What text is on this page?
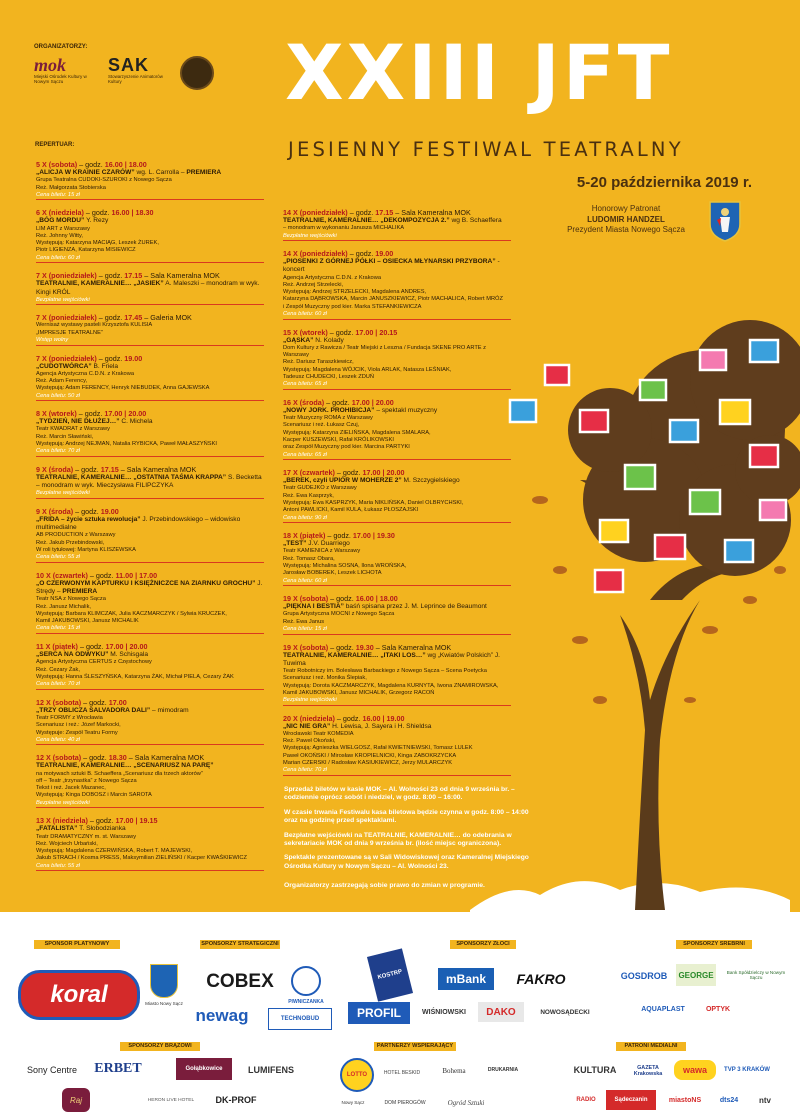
ORGANIZATORZY:
mok
Miejski Ośrodek Kultury w Nowym Sączu
SAK
Stowarzyszenie Animatorów Kultury	XXIII JFT
JESIENNY FESTIWAL TEATRALNY
5-20 października 2019 r.
Honorowy Patronat
LUDOMIR HANDZEL
Prezydent Miasta Nowego Sącza
REPERTUAR:
5 X (sobota) – godz. 16.00 | 18.00
„ALICJA W KRAINIE CZARÓW” wg. L. Carrolla – PREMIERA
Grupa Teatralna CUDOKI-SZUROKI z Nowego Sącza
Reż. Małgorzata Stobierska
Cena biletu: 15 zł
6 X (niedziela) – godz. 16.00 | 18.30
„BÓG MORDU” Y. Rezy
LIM ART z Warszawy
Reż. Johnny Witty,
Występują: Katarzyna MACIĄG, Leszek ŻUREK,
Piotr LIGIENZA, Katarzyna MISIEWICZ
Cena biletu: 60 zł
7 X (poniedziałek) – godz. 17.15 – Sala Kameralna MOK
TEATRALNIE, KAMERALNIE… „JASIEK” A. Maleszki – monodram w wyk. Kingi KRÓL
Bezpłatne wejściówki
7 X (poniedziałek) – godz. 17.45 – Galeria MOK
Wernisaż wystawy pasteli Krzysztofa KULISIA
„IMPRESJE TEATRALNE”
Wstęp wolny
7 X (poniedziałek) – godz. 19.00
„CUDOTWÓRCA” B. Friela
Agencja Artystyczna C.D.N. z Krakowa
Reż. Adam Ferency,
Występują: Adam FERENCY, Henryk NIEBUDEK, Anna GAJEWSKA
Cena biletu: 50 zł
8 X (wtorek) – godz. 17.00 | 20.00
„TYDZIEŃ, NIE DŁUŻEJ…” C. Michela
Teatr KWADRAT z Warszawy
Reż. Marcin Sławiński,
Występują: Andrzej NEJMAN, Natalia RYBICKA, Paweł MAŁASZYŃSKI
Cena biletu: 70 zł
9 X (środa) – godz. 17.15 – Sala Kameralna MOK
TEATRALNIE, KAMERALNIE… „OSTATNIA TAŚMA KRAPPA” S. Becketta – monodram w wyk. Mieczysława FILIPCZYKA
Bezpłatne wejściówki
9 X (środa) – godz. 19.00
„FRIDA – życie sztuka rewolucja” J. Przebindowskiego – widowisko multimedialne
AB PRODUCTION z Warszawy
Reż. Jakub Przebindowski,
W roli tytułowej: Martyna KLISZEWSKA
Cena biletu: 55 zł
10 X (czwartek) – godz. 11.00 | 17.00
„O CZERWONYM KAPTURKU I KSIĘŻNICZCE NA ZIARNKU GROCHU” J. Strędy – PREMIERA
Teatr NSA z Nowego Sącza
Reż. Janusz Michalik,
Występują: Barbara KLIMCZAK, Julia KACZMARCZYK / Sylwia KRUCZEK,
Kamil JAKUBOWSKI, Janusz MICHALIK
Cena biletu: 15 zł
11 X (piątek) – godz. 17.00 | 20.00
„SERCA NA ODWYKU” M. Schisgala
Agencja Artystyczna CERTUS z Częstochowy
Reż. Cezary Żak,
Występują: Hanna ŚLESZYŃSKA, Katarzyna ŻAK, Michał PIELA, Cezary ŻAK
Cena biletu: 70 zł
12 X (sobota) – godz. 17.00
„TRZY OBLICZA SALVADORA DALI” – mimodram
Teatr FORMY z Wrocławia
Scenariusz i reż.: Józef Markocki,
Występuje: Zespół Teatru Formy
Cena biletu: 40 zł
12 X (sobota) – godz. 18.30 – Sala Kameralna MOK
TEATRALNIE, KAMERALNIE… „SCENARIUSZ NA PARĘ”
na motywach sztuki B. Schaeffera „Scenariusz dla trzech aktorów”
off – Teatr „trzynastka” z Nowego Sącza
Tekst i reż. Jacek Mazanec,
Występują: Kinga DOBOSZ i Marcin SAROTA
Bezpłatne wejściówki
13 X (niedziela) – godz. 17.00 | 19.15
„FATALISTA” T. Słobodzianka
Teatr DRAMATYCZNY m. st. Warszawy
Reż. Wojciech Urbański,
Występują: Magdalena CZERWIŃSKA, Robert T. MAJEWSKI,
Jakub STRACH / Kosma PRESS, Maksymilian ZIELIŃSKI / Kacper KWAŚKIEWICZ
Cena biletu: 55 zł
14 X (poniedziałek) – godz. 17.15 – Sala Kameralna MOK
TEATRALNIE, KAMERALNIE… „DEKOMPOZYCJA 2.” wg B. Schaeffera
– monodram w wykonaniu Janusza MICHALIKA
Bezpłatne wejściówki
14 X (poniedziałek) – godz. 19.00
„PIOSENKI Z GÓRNEJ PÓŁKI – OSIECKA MŁYNARSKI PRZYBORA” - koncert
Agencja Artystyczna C.D.N. z Krakowa
Reż. Andrzej Strzelecki,
Występują: Andrzej STRZELECKI, Magdalena ANDRES,
Katarzyna DĄBROWSKA, Marcin JANUSZKIEWICZ, Piotr MACHALICA, Robert MRÓZ
i Zespół Muzyczny pod kier. Marka STEFANKIEWICZA
Cena biletu: 60 zł
15 X (wtorek) – godz. 17.00 | 20.15
„GĄSKA” N. Kolady
Dom Kultury z Rawicza / Teatr Miejski z Leszna / Fundacja SKENE PRO ARTE z Warszawy
Reż. Dariusz Taraszkiewicz,
Występują: Magdalena WÓJCIK, Viola ARLAK, Natasza LEŚNIAK,
Tadeusz CHUDECKI, Leszek ZDUŃ
Cena biletu: 65 zł
16 X (środa) – godz. 17.00 | 20.00
„NOWY JORK. PROHIBICJA” – spektakl muzyczny
Teatr Muzyczny ROMA z Warszawy
Scenariusz i reż. Łukasz Czuj,
Występują: Katarzyna ZIELIŃSKA, Magdalena SMALARA,
Kacper KUSZEWSKI, Rafał KRÓLIKOWSKI
oraz Zespół Muzyczny pod kier. Marcina PARTYKI
Cena biletu: 65 zł
17 X (czwartek) – godz. 17.00 | 20.00
„BEREK, czyli UPIÓR W MOHERZE 2” M. Szczygielskiego
Teatr GUDEJKO z Warszawy
Reż. Ewa Kasprzyk,
Występują: Ewa KASPRZYK, Maria NIKLIŃSKA, Daniel OLBRYCHSKI,
Antoni PAWLICKI, Kamil KULA, Łukasz PŁOSZAJSKI
Cena biletu: 90 zł
18 X (piątek) – godz. 17.00 | 19.30
„TEST” J.V. Duarriego
Teatr KAMIENICA z Warszawy
Reż. Tomasz Obara,
Występują: Michalina SOSNA, Ilona WROŃSKA,
Jarosław BOBEREK, Leszek LICHOTA
Cena biletu: 60 zł
19 X (sobota) – godz. 16.00 | 18.00
„PIĘKNA I BESTIA” baśń spisana przez J. M. Leprince de Beaumont
Grupa Artystyczna MOCNI z Nowego Sącza
Reż. Ewa Janus
Cena biletu: 15 zł
19 X (sobota) – godz. 19.30 – Sala Kameralna MOK
TEATRALNIE, KAMERALNIE… „ITAKI LOS…” wg „Kwiatów Polskich” J. Tuwima
Teatr Robotniczy im. Bolesława Barbackiego z Nowego Sącza – Scena Poetycka
Scenariusz i reż. Monika Ślepiak,
Występują: Dorota KACZMARCZYK, Magdalena KURNYTA, Iwona ZNAMIROWSKA,
Kamil JAKUBOWSKI, Janusz MICHALIK, Grzegorz RACOŃ
Bezpłatne wejściówki
20 X (niedziela) – godz. 16.00 | 19.00
„NIC NIE GRA” H. Lewisa, J. Sayera i H. Shieldsa
Wrocławski Teatr KOMEDIA
Reż. Paweł Okoński,
Występują: Agnieszka WIELGOSZ, Rafał KWIETNIEWSKI, Tomasz LULEK
Paweł OKOŃSKI / Mirosław KROPIELNICKI, Kinga ZABOKRZYCKA
Marian CZERSKI / Radosław KASIUKIEWICZ, Jerzy MULARCZYK
Cena biletu: 70 zł

Sprzedaż biletów w kasie MOK – Al. Wolności 23 od dnia 9 września br. –codziennie oprócz sobót i niedziel, w godz. 8:00 – 16:00.

W czasie trwania Festiwalu kasa biletowa będzie czynna w godz. 8:00 – 14:00 oraz na godzinę przed spektaklami.

Bezpłatne wejściówki na TEATRALNIE, KAMERALNIE… do odebrania w sekretariacie MOK od dnia 9 września br. (ilość miejsc ograniczona).

Spektakle prezentowane są w Sali Widowiskowej oraz Kameralnej Miejskiego Ośrodka Kultury w Nowym Sączu – Al. Wolności 23.

Organizatorzy zastrzegają sobie prawo do zmian w programie.
SPONSOR PLATYNOWY	SPONSORZY STRATEGICZNI	SPONSORZY ZŁOCI	SPONSORZY SREBRNI
SPONSORZY BRĄZOWI	PARTNERZY WSPIERAJĄCY	PATRONI MEDIALNI
koral	Miasto Nowy Sącz
COBEX
PIWNICZANKA
newag	TECHNOBUD
KOSTRP	mBank FAKRO
PROFIL	WIŚNIOWSKI DAKO	NOWOSĄDECKI
GOSDROB GEORGE	Bank Spółdzielczy w Nowym Sączu
AQUAPLAST	OPTYK
Sony Centre ERBET	Gołąbkowice	LUMIFENS
Raj	HERON LIVE HOTEL DK-PROF
LOTTO	HOTEL BESKID	Bohema	DRUKARNIA
Nowy Sącz	DOM PIEROGÓW	Ogród Sztuki
KULTURA	GAZETA Krakowska	wawa	TVP 3 KRAKÓW
RADIO	Sądeczanin	miastoNS	dts24	ntv
